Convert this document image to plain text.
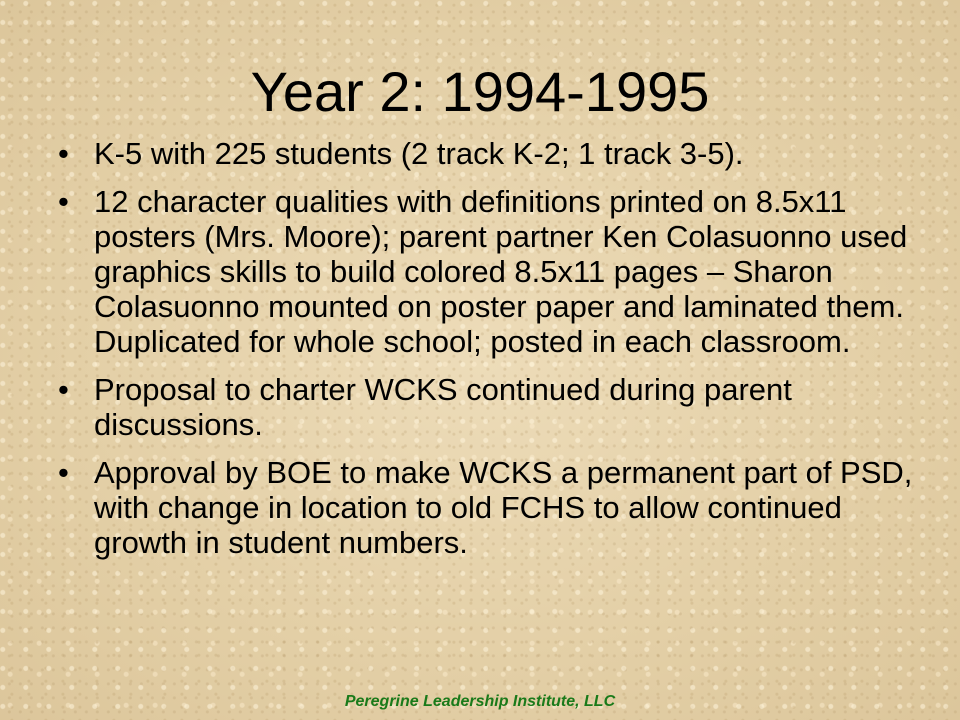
Year 2: 1994-1995
• K-5 with 225 students (2 track K-2; 1 track 3-5).
• 12 character qualities with definitions printed on 8.5x11 posters (Mrs. Moore); parent partner Ken Colasuonno used graphics skills to build colored 8.5x11 pages – Sharon Colasuonno mounted on poster paper and laminated them. Duplicated for whole school; posted in each classroom.
• Proposal to charter WCKS continued during parent discussions.
• Approval by BOE to make WCKS a permanent part of PSD, with change in location to old FCHS to allow continued growth in student numbers.
Peregrine Leadership Institute, LLC
